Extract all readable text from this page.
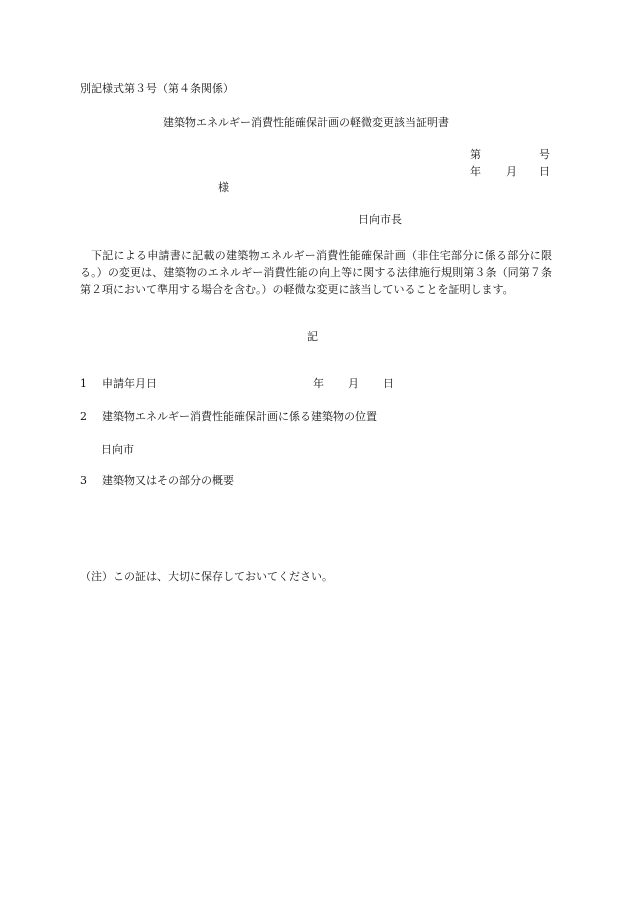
別記様式第３号（第４条関係）
建築物エネルギー消費性能確保計画の軽微変更該当証明書
第	号
年 月 日
様
日向市長
下記による申請書に記載の建築物エネルギー消費性能確保計画（非住宅部分に係る部分に限る。）の変更は、建築物のエネルギー消費性能の向上等に関する法律施行規則第３条（同第７条第２項において準用する場合を含む。）の軽微な変更に該当していることを証明します。
記
1 申請年月日	年 月 日
2 建築物エネルギー消費性能確保計画に係る建築物の位置
日向市
3 建築物又はその部分の概要
（注）この証は、大切に保存しておいてください。
